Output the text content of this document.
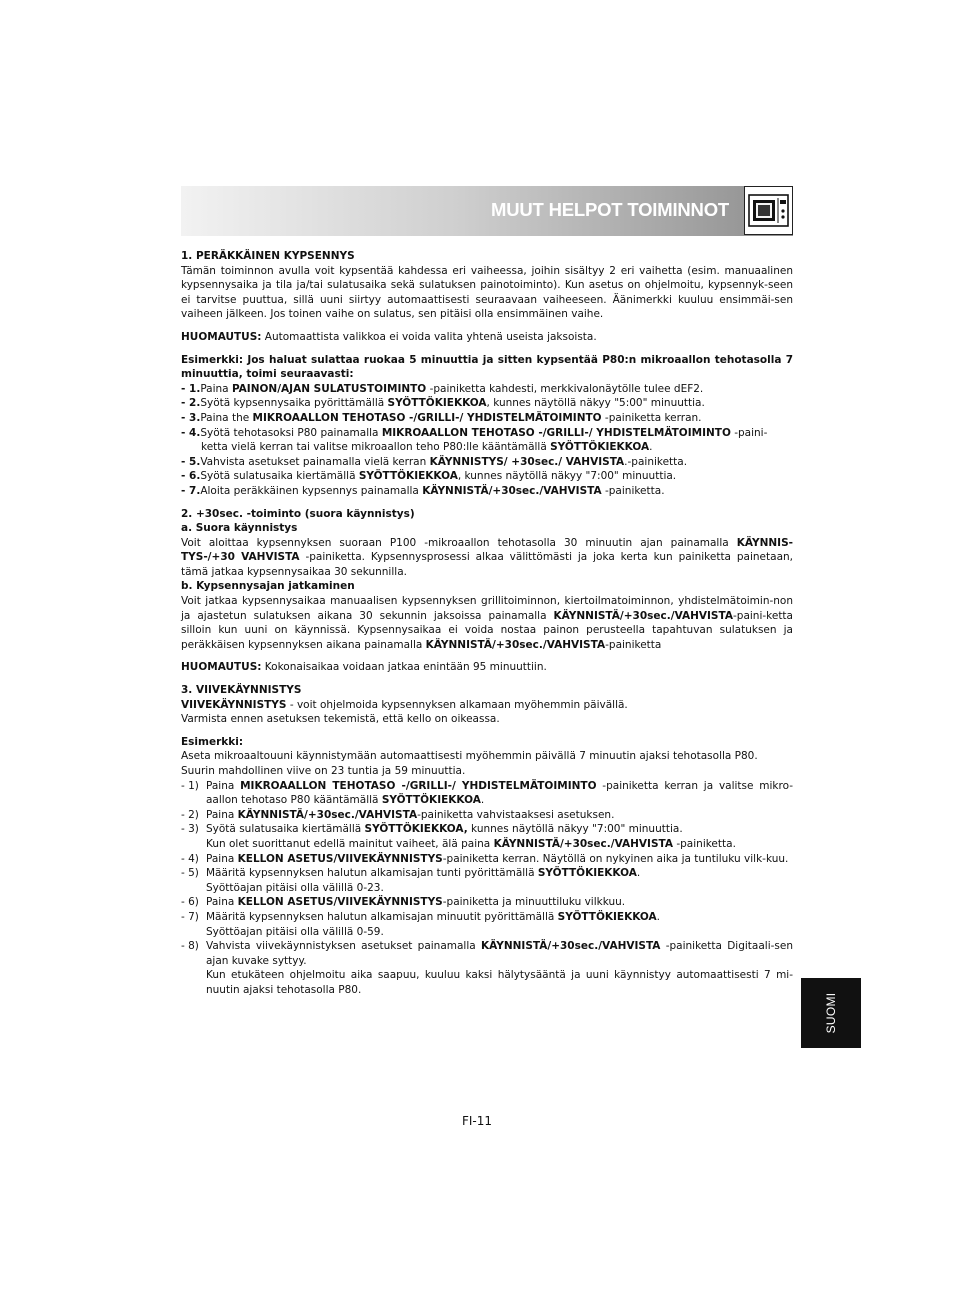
MUUT HELPOT TOIMINNOT

1. PERÄKKÄINEN KYPSENNYS

Tämän toiminnon avulla voit kypsentää kahdessa eri vaiheessa, joihin sisältyy 2 eri vaihetta (esim. manuaalinen kypsennysaika ja tila ja/tai sulatusaika sekä sulatuksen painotoiminto). Kun asetus on ohjelmoitu, kypsennyk-seen ei tarvitse puuttua, sillä uuni siirtyy automaattisesti seuraavaan vaiheeseen. Äänimerkki kuuluu ensimmäi-sen vaiheen jälkeen. Jos toinen vaihe on sulatus, sen pitäisi olla ensimmäinen vaihe.

HUOMAUTUS: Automaattista valikkoa ei voida valita yhtenä useista jaksoista.

Esimerkki: Jos haluat sulattaa ruokaa 5 minuuttia ja sitten kypsentää P80:n mikroaallon tehotasolla 7 minuuttia, toimi seuraavasti:

- 1. Paina PAINON/AJAN SULATUSTOIMINTO -painiketta kahdesti, merkkivalonäytölle tulee dEF2.
- 2. Syötä kypsennysaika pyörittämällä SYÖTTÖKIEKKOA, kunnes näytöllä näkyy "5:00" minuuttia.
- 3. Paina the MIKROAALLON TEHOTASO -/GRILLI-/ YHDISTELMÄTOIMINTO -painiketta kerran.
- 4. Syötä tehotasoksi P80 painamalla MIKROAALLON TEHOTASO -/GRILLI-/ YHDISTELMÄTOIMINTO -paini-

ketta vielä kerran tai valitse mikroaallon teho P80:lle kääntämällä SYÖTTÖKIEKKOA.

- 5. Vahvista asetukset painamalla vielä kerran KÄYNNISTYS/ +30sec./ VAHVISTA.-painiketta.
- 6. Syötä sulatusaika kiertämällä SYÖTTÖKIEKKOA, kunnes näytöllä näkyy "7:00" minuuttia.
- 7. Aloita peräkkäinen kypsennys painamalla KÄYNNISTÄ/+30sec./VAHVISTA -painiketta.

2. +30sec. -toiminto (suora käynnistys)

a. Suora käynnistys

Voit aloittaa kypsennyksen suoraan P100 -mikroaallon tehotasolla 30 minuutin ajan painamalla KÄYNNIS-TYS-/+30 VAHVISTA -painiketta. Kypsennysprosessi alkaa välittömästi ja joka kerta kun painiketta painetaan, tämä jatkaa kypsennysaikaa 30 sekunnilla.

b. Kypsennysajan jatkaminen

Voit jatkaa kypsennysaikaa manuaalisen kypsennyksen grillitoiminnon, kiertoilmatoiminnon, yhdistelmätoimin-non ja ajastetun sulatuksen aikana 30 sekunnin jaksoissa painamalla KÄYNNISTÄ/+30sec./VAHVISTA-paini-ketta silloin kun uuni on käynnissä. Kypsennysaikaa ei voida nostaa painon perusteella tapahtuvan sulatuksen ja peräkkäisen kypsennyksen aikana painamalla KÄYNNISTÄ/+30sec./VAHVISTA-painiketta

HUOMAUTUS: Kokonaisaikaa voidaan jatkaa enintään 95 minuuttiin.

3. VIIVEKÄYNNISTYS

VIIVEKÄYNNISTYS - voit ohjelmoida kypsennyksen alkamaan myöhemmin päivällä.

Varmista ennen asetuksen tekemistä, että kello on oikeassa.

Esimerkki:

Aseta mikroaaltouuni käynnistymään automaattisesti myöhemmin päivällä 7 minuutin ajaksi tehotasolla P80.

Suurin mahdollinen viive on 23 tuntia ja 59 minuuttia.

- 1) Paina MIKROAALLON TEHOTASO -/GRILLI-/ YHDISTELMÄTOIMINTO -painiketta kerran ja valitse mikro-aallon tehotaso P80 kääntämällä SYÖTTÖKIEKKOA.
- 2) Paina KÄYNNISTÄ/+30sec./VAHVISTA-painiketta vahvistaaksesi asetuksen.
- 3) Syötä sulatusaika kiertämällä SYÖTTÖKIEKKOA, kunnes näytöllä näkyy "7:00" minuuttia.

Kun olet suorittanut edellä mainitut vaiheet, älä paina KÄYNNISTÄ/+30sec./VAHVISTA -painiketta.

- 4) Paina KELLON ASETUS/VIIVEKÄYNNISTYS-painiketta kerran. Näytöllä on nykyinen aika ja tuntiluku vilk-kuu.
- 5) Määritä kypsennyksen halutun alkamisajan tunti pyörittämällä SYÖTTÖKIEKKOA.

Syöttöajan pitäisi olla välillä 0-23.

- 6) Paina KELLON ASETUS/VIIVEKÄYNNISTYS-painiketta ja minuuttiluku vilkkuu.
- 7) Määritä kypsennyksen halutun alkamisajan minuutit pyörittämällä SYÖTTÖKIEKKOA.

Syöttöajan pitäisi olla välillä 0-59.

- 8) Vahvista viivekäynnistyksen asetukset painamalla KÄYNNISTÄ/+30sec./VAHVISTA -painiketta Digitaali-sen ajan kuvake syttyy.

Kun etukäteen ohjelmoitu aika saapuu, kuuluu kaksi hälytysääntä ja uuni käynnistyy automaattisesti 7 mi-nuutin ajaksi tehotasolla P80.

SUOMI
FI-11
